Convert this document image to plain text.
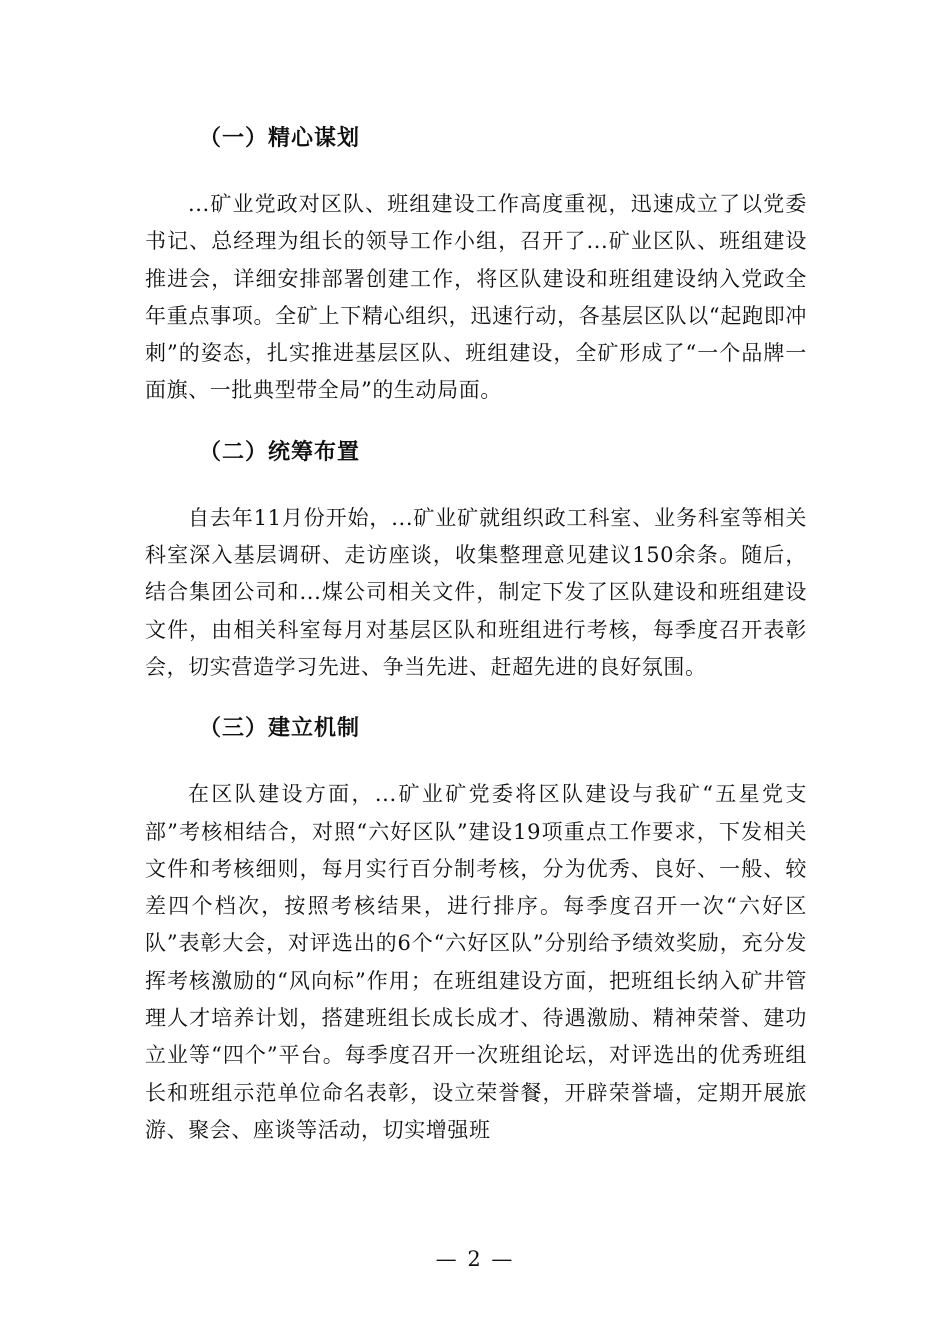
（一）精心谋划

...矿业党政对区队、班组建设工作高度重视，迅速成立了以党委书记、总经理为组长的领导工作小组，召开了...矿业区队、班组建设推进会，详细安排部署创建工作，将区队建设和班组建设纳入党政全年重点事项。全矿上下精心组织，迅速行动，各基层区队以“起跑即冲刺”的姿态，扎实推进基层区队、班组建设，全矿形成了“一个品牌一面旗、一批典型带全局”的生动局面。

（二）统筹布置

自去年11月份开始，...矿业矿就组织政工科室、业务科室等相关科室深入基层调研、走访座谈，收集整理意见建议150余条。随后，结合集团公司和...煤公司相关文件，制定下发了区队建设和班组建设文件，由相关科室每月对基层区队和班组进行考核，每季度召开表彰会，切实营造学习先进、争当先进、赶超先进的良好氛围。

（三）建立机制

在区队建设方面，...矿业矿党委将区队建设与我矿“五星党支部”考核相结合，对照“六好区队”建设19项重点工作要求，下发相关文件和考核细则，每月实行百分制考核，分为优秀、良好、一般、较差四个档次，按照考核结果，进行排序。每季度召开一次“六好区队”表彰大会，对评选出的6个“六好区队”分别给予绩效奖励，充分发挥考核激励的“风向标”作用；在班组建设方面，把班组长纳入矿井管理人才培养计划，搭建班组长成长成才、待遇激励、精神荣誉、建功立业等“四个”平台。每季度召开一次班组论坛，对评选出的优秀班组长和班组示范单位命名表彰，设立荣誉餐，开辟荣誉墙，定期开展旅游、聚会、座谈等活动，切实增强班

— 2 —
